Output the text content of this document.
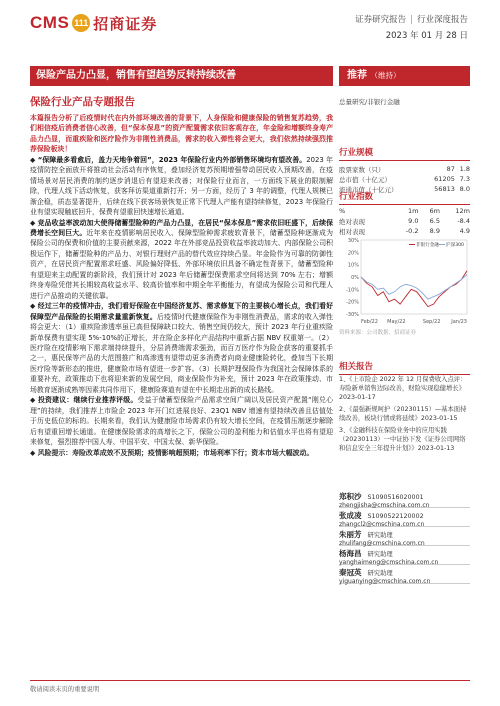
CMS 111 招商证券	证券研究报告 | 行业深度报告
2023 年 01 月 28 日
保险产品力凸显，销售有望趋势反转持续改善	推荐 （维持）
保险行业产品专题报告

本篇报告分析了后疫情时代在内外部环境改善的背景下，人身保险和健康保险的销售复苏趋势，我们相信疫后消费者信心改善，但“保本保息”的资产配置需求依旧客观存在，年金险和增额终身寿产品力凸显，而重疾险和医疗险作为非刚性消费品，需求的收入弹性将会更大，我们依然持续强烈推荐保险板块！

◆ “保障最多看愈后，盖力天地争着回”，2023 年保险行业内外部销售环境均有望改善。2023 年疫情防控全面放开将推动社会活动有序恢复，叠加经济复苏预期增强带动居民收入预期改善，在疫情场景对居民消费的制约逐步消退后有望迎来改善；对保险行业而言，一方面线下展业的限制解除，代理人线下活动恢复，获客拜访渠道重新打开；另一方面，经历了 3 年的调整，代理人规模已渐企稳，质态显著提升，后续在线下获客场景恢复正常下代理人产能有望持续修复，2023 年保险行业有望实现触底回升，保费有望重回快速增长通道。

◆ 竞品收益率波动加大使得储蓄型险种的产品力凸显，在居民“保本保息”需求依旧旺盛下，后续保费增长空间巨大。近年来在疫情影响居民收入、保障型险种需求疲软背景下，储蓄型险种逐渐成为保险公司的保费和价值的主要贡献来源，2022 年在外部竞品投资收益率波动加大、内部保险公司积极运作下，储蓄型险种的产品力、对银行理财产品的替代效应持续凸显。年金险作为可靠的防御性资产，在居民资产配置需求旺盛、风险偏好降低、外部环境依旧具备不确定性背景下，储蓄型险种有望迎来主动配置的新阶段，我们预计对 2023 年后储蓄型保费需求空间将达到 70% 左右；增额终身寿险凭借其长期较高收益水平、较高价值率和中期全年平衡能力，有望成为保险公司和代理人进行产品推动的关键依靠。

◆ 经过三年的疫情冲击，我们看好保险在中国经济复苏、需求修复下的主要核心增长点，我们看好保障型产品保险的长期需求量重新恢复。后疫情时代健康保险作为非刚性消费品，需求的收入弹性将会更大：（1）重疾险渗透率虽已高但保障缺口较大、销售空间仍较大，预计 2023 年行业重疾险新单保费有望实现 5%-10%的正增长，并在险企多样化产品结构中重新占据 NBV 权重第一。（2）医疗险在疫情影响下需求端持续提升，分层消费端需求强劲，而百万医疗作为险企获客的重要抓手之一，惠民保等产品的大范围推广和高渗透有望带动更多消费者向商业健康险转化，叠加当下长期医疗险等新形态的推进，健康险市场有望进一步扩容。（3）长期护理保险作为我国社会保障体系的重要补充，政策推动下也将迎来新的发展空间，商业保险作为补充，预计 2023 年在政策推动、市场教育逐渐成熟等因素共同作用下，健康险赛道有望在中长期走出新的成长路线。

◆ 投资建议：继续行业推荐评级。受益于储蓄型保险产品需求空间广阔以及居民资产配置“刚兑心理”的持续，我们推荐上市险企 2023 年开门红进展良好、23Q1 NBV 增速有望持续改善且估值处于历史低位的标的。长期来看，我们认为健康险市场需求仍有较大增长空间，在疫情压制逐步解除后有望重回增长通道。在健康保险需求的高增长之下，保险公司的盈利能力和估值水平也将有望迎来修复，强烈推荐中国人寿、中国平安、中国太保、新华保险。

◆ 风险提示：寿险改革成效不及预期；疫情影响超预期；市场利率下行；资本市场大幅波动。

总量研究/非银行金融
行业规模
股票家数（只）	87	1.8
总市值（十亿元）	61205	7.3
流通市值（十亿元）	56813	8.0
行业指数
%	1m	6m	12m
绝对表现	9.0	6.5	-8.4
相对表现	-0.2	8.9	4.9
30%
20%
10%
0%
-10%
-20%
-30%
Feb/22 May/22	Sep/22 Jan/23
非银行金融 沪深300
资料来源：公司数据、招商证券
相关报告
1、《上市险企 2022 年 12 月保费收入点评：寿险新单销售边际改善，财险实现稳健增长》2023-01-17
2、《最强新规呵护（20230115）—基本面持续改善，板块行情或将延续》2023-01-15
3、《金融科技在保险业务中的应用实践（20230113）一中证协下发《证券公司网络和信息安全三年提升计划》》2023-01-13
郑积沙 S1090516020001
zhengjisha@cmschina.com.cn
张成凌 S1090522120002
zhangcl2@cmschina.com.cn
朱丽芳 研究助理
zhulifang@cmschina.com.cn
杨海昌 研究助理
yanghaimeng@cmschina.com.cn
秦冠英 研究助理
yiguanying@cmschina.com.cn
敬请阅读末页的重要说明
